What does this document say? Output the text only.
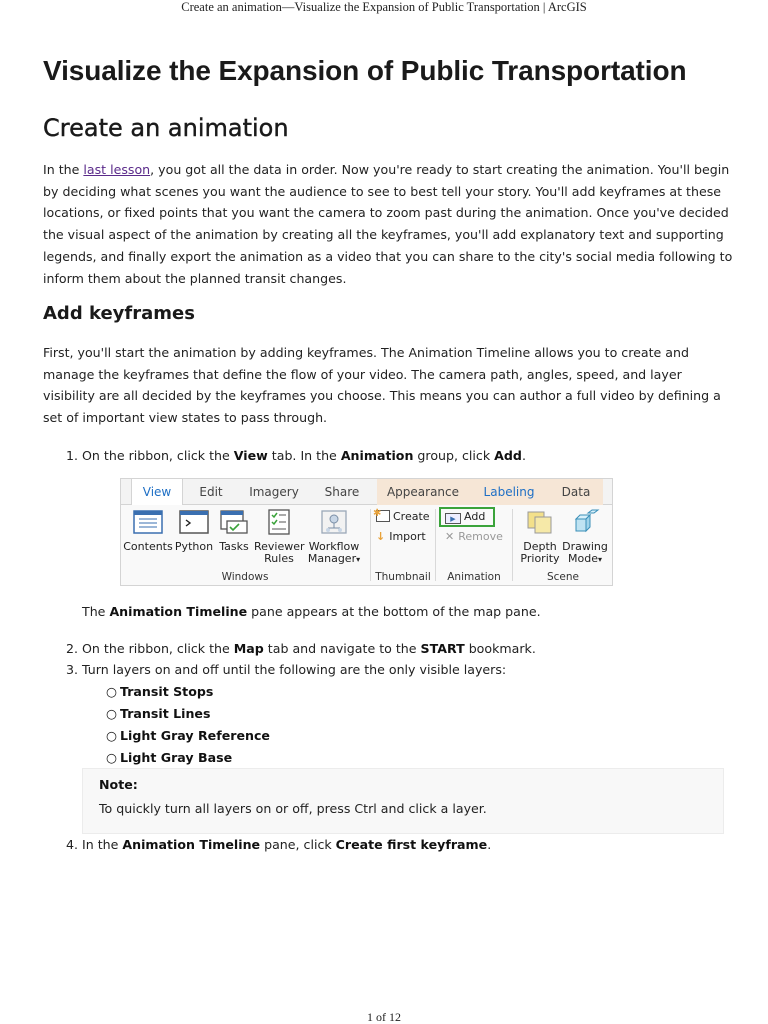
Create an animation—Visualize the Expansion of Public Transportation | ArcGIS
Visualize the Expansion of Public Transportation
Create an animation

In the last lesson, you got all the data in order. Now you're ready to start creating the animation. You'll begin by deciding what scenes you want the audience to see to best tell your story. You'll add keyframes at these locations, or fixed points that you want the camera to zoom past during the animation. Once you've decided the visual aspect of the animation by creating all the keyframes, you'll add explanatory text and supporting legends, and finally export the animation as a video that you can share to the city's social media following to inform them about the planned transit changes.

Add keyframes

First, you'll start the animation by adding keyframes. The Animation Timeline allows you to create and manage the keyframes that define the flow of your video. The camera path, angles, speed, and layer visibility are all decided by the keyframes you choose. This means you can author a full video by defining a set of important view states to pass through.

1. On the ribbon, click the View tab. In the Animation group, click Add.
View	Edit	Imagery	Share	Appearance	Labeling	Data
Contents Python Tasks Reviewer
Rules
Workflow
Manager▾
Windows
✱ Create
↓ Import
Thumbnail
▶ Add
✕ Remove
Animation
Depth
Priority
Drawing
Mode▾
Scene
The Animation Timeline pane appears at the bottom of the map pane.
2. On the ribbon, click the Map tab and navigate to the START bookmark.
3. Turn layers on and off until the following are the only visible layers:
○ Transit Stops
○ Transit Lines
○ Light Gray Reference
○ Light Gray Base
Note:
To quickly turn all layers on or off, press Ctrl and click a layer.
4. In the Animation Timeline pane, click Create first keyframe.
1 of 12
